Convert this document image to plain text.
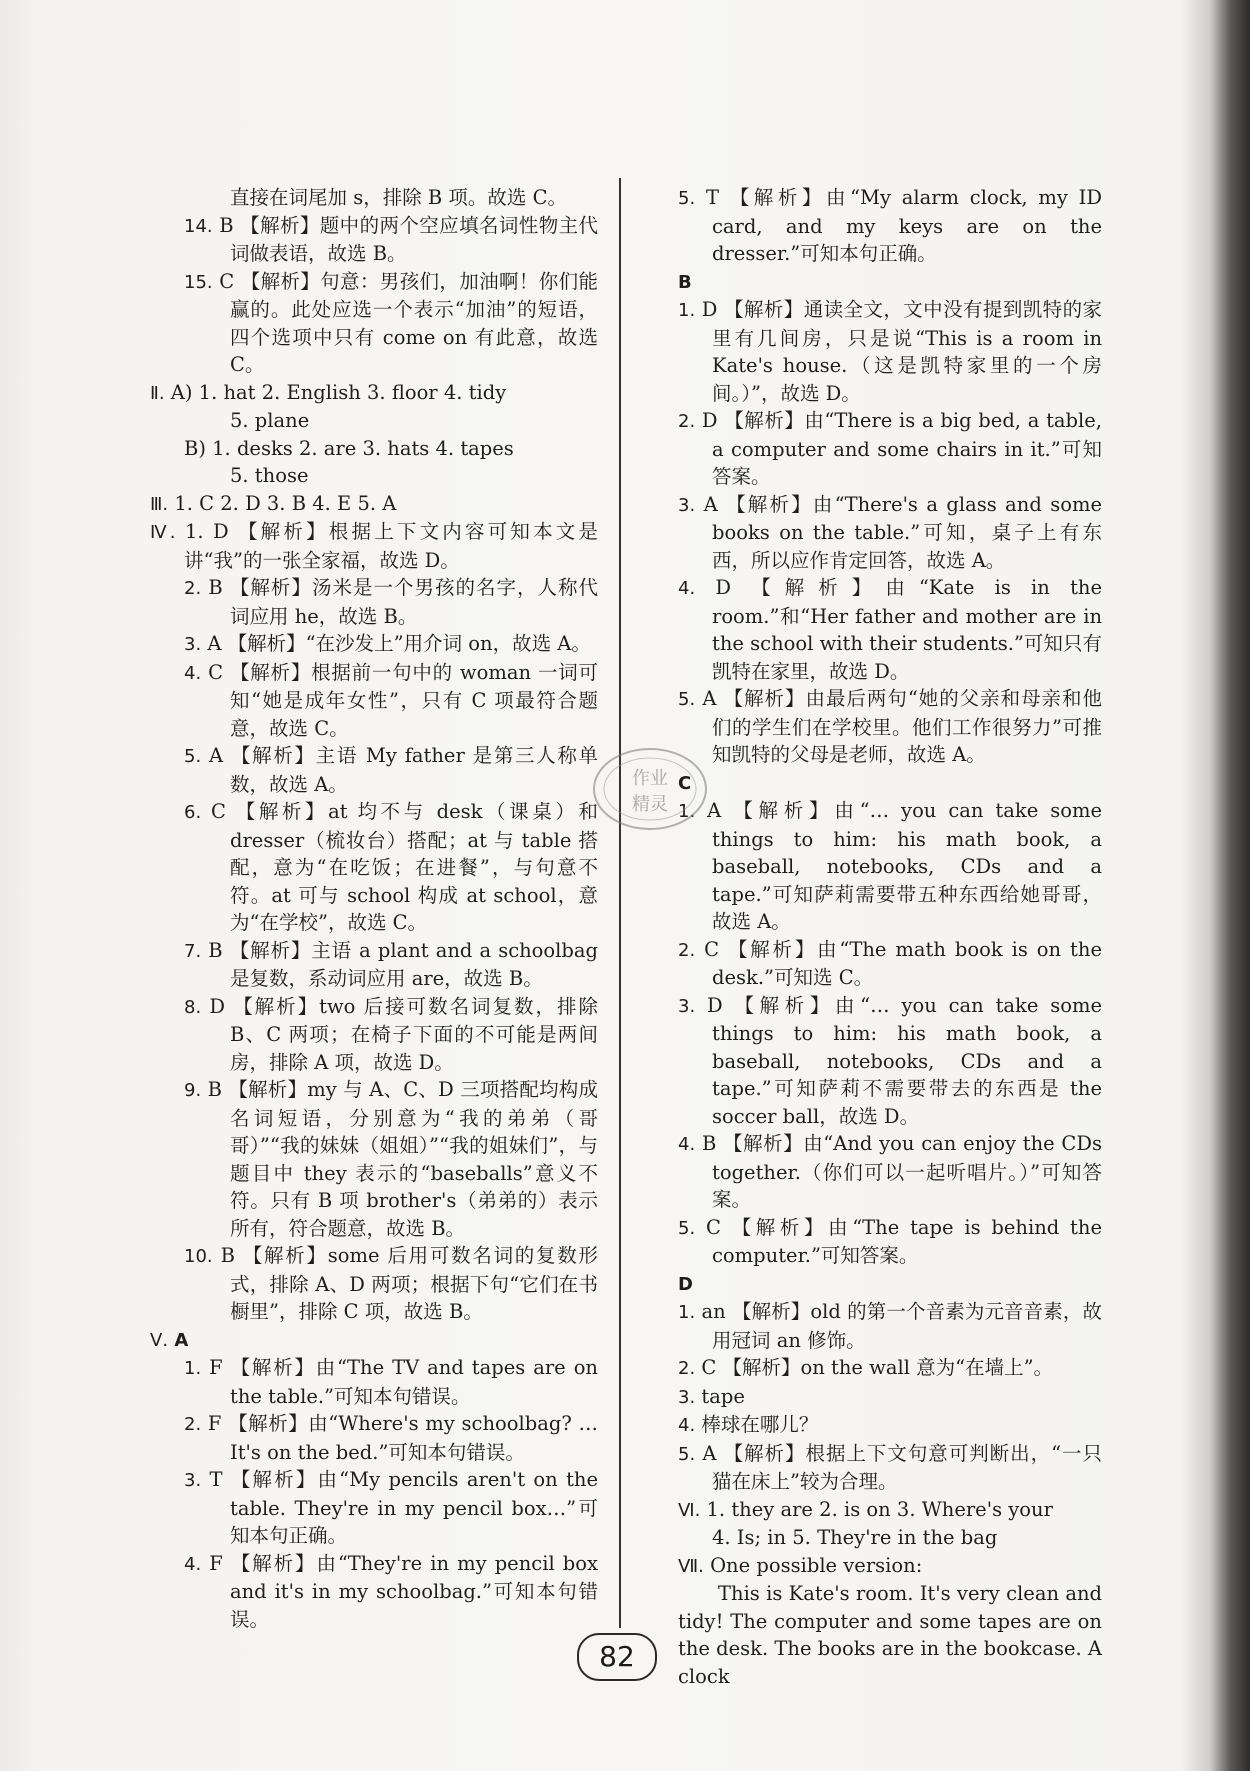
直接在词尾加 s，排除 B 项。故选 C。
14. B 【解析】题中的两个空应填名词性物主代词做表语，故选 B。
15. C 【解析】句意：男孩们，加油啊！你们能赢的。此处应选一个表示“加油”的短语，四个选项中只有 come on 有此意，故选 C。
Ⅱ. A) 1. hat 2. English 3. floor 4. tidy
5. plane
B) 1. desks 2. are 3. hats 4. tapes
5. those
Ⅲ. 1. C 2. D 3. B 4. E 5. A
Ⅳ. 1. D 【解析】根据上下文内容可知本文是讲“我”的一张全家福，故选 D。
2. B 【解析】汤米是一个男孩的名字，人称代词应用 he，故选 B。
3. A 【解析】“在沙发上”用介词 on，故选 A。
4. C 【解析】根据前一句中的 woman 一词可知“她是成年女性”，只有 C 项最符合题意，故选 C。
5. A 【解析】主语 My father 是第三人称单数，故选 A。
6. C 【解析】at 均不与 desk（课桌）和 dresser（梳妆台）搭配；at 与 table 搭配，意为“在吃饭；在进餐”，与句意不符。at 可与 school 构成 at school，意为“在学校”，故选 C。
7. B 【解析】主语 a plant and a schoolbag 是复数，系动词应用 are，故选 B。
8. D 【解析】two 后接可数名词复数，排除 B、C 两项；在椅子下面的不可能是两间房，排除 A 项，故选 D。
9. B 【解析】my 与 A、C、D 三项搭配均构成名词短语，分别意为“我的弟弟（哥哥）”“我的妹妹（姐姐）”“我的姐妹们”，与题目中 they 表示的“baseballs”意义不符。只有 B 项 brother's（弟弟的）表示所有，符合题意，故选 B。
10. B 【解析】some 后用可数名词的复数形式，排除 A、D 两项；根据下句“它们在书橱里”，排除 C 项，故选 B。
Ⅴ. A
1. F 【解析】由“The TV and tapes are on the table.”可知本句错误。
2. F 【解析】由“Where's my schoolbag? … It's on the bed.”可知本句错误。
3. T 【解析】由“My pencils aren't on the table. They're in my pencil box…”可知本句正确。
4. F 【解析】由“They're in my pencil box and it's in my schoolbag.”可知本句错误。
5. T 【解析】由“My alarm clock, my ID card, and my keys are on the dresser.”可知本句正确。
B
1. D 【解析】通读全文，文中没有提到凯特的家里有几间房，只是说“This is a room in Kate's house.（这是凯特家里的一个房间。）”，故选 D。
2. D 【解析】由“There is a big bed, a table, a computer and some chairs in it.”可知答案。
3. A 【解析】由“There's a glass and some books on the table.”可知，桌子上有东西，所以应作肯定回答，故选 A。
4. D 【解析】由“Kate is in the room.”和“Her father and mother are in the school with their students.”可知只有凯特在家里，故选 D。
5. A 【解析】由最后两句“她的父亲和母亲和他们的学生们在学校里。他们工作很努力”可推知凯特的父母是老师，故选 A。
C
1. A 【解析】由“… you can take some things to him: his math book, a baseball, notebooks, CDs and a tape.”可知萨莉需要带五种东西给她哥哥，故选 A。
2. C 【解析】由“The math book is on the desk.”可知选 C。
3. D 【解析】由“… you can take some things to him: his math book, a baseball, notebooks, CDs and a tape.”可知萨莉不需要带去的东西是 the soccer ball，故选 D。
4. B 【解析】由“And you can enjoy the CDs together.（你们可以一起听唱片。）”可知答案。
5. C 【解析】由“The tape is behind the computer.”可知答案。
D
1. an 【解析】old 的第一个音素为元音音素，故用冠词 an 修饰。
2. C 【解析】on the wall 意为“在墙上”。
3. tape
4. 棒球在哪儿？
5. A 【解析】根据上下文句意可判断出，“一只猫在床上”较为合理。
Ⅵ. 1. they are 2. is on 3. Where's your
4. Is; in 5. They're in the bag
Ⅶ. One possible version:
This is Kate's room. It's very clean and tidy! The computer and some tapes are on the desk. The books are in the bookcase. A clock
作业
精灵
82
